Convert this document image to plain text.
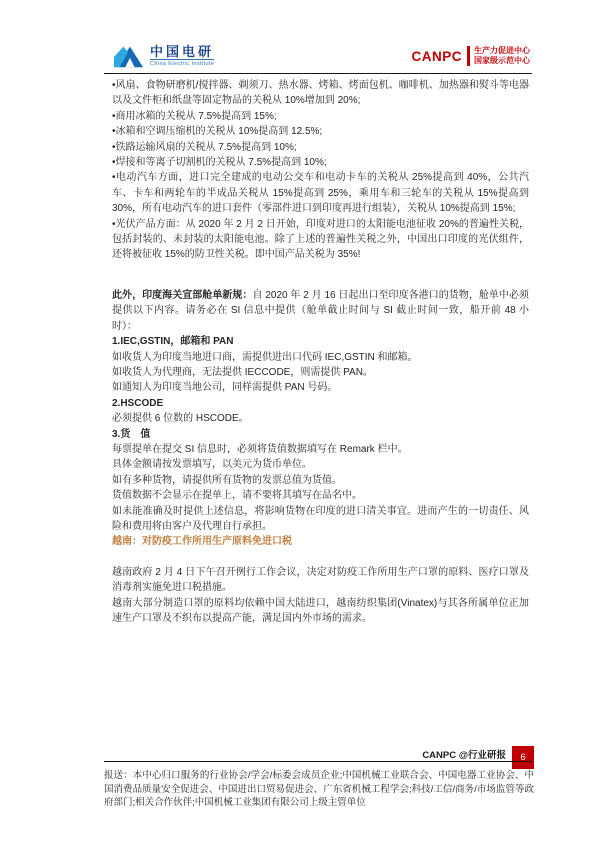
中国电研
China Electric Institute
CANPC 生产力促进中心
国家级示范中心

•风扇、食物研磨机/搅拌器、剃须刀、热水器、烤箱、烤面包机、咖啡机、加热器和熨斗等电器以及文件柜和纸盘等固定物品的关税从 10%增加到 20%;

•商用冰箱的关税从 7.5%提高到 15%;

•冰箱和空调压缩机的关税从 10%提高到 12.5%;

•铁路运输风扇的关税从 7.5%提高到 10%;

•焊接和等离子切割机的关税从 7.5%提高到 10%;

•电动汽车方面，进口完全建成的电动公交车和电动卡车的关税从 25%提高到 40%，公共汽车、卡车和两轮车的半成品关税从 15%提高到 25%，乘用车和三轮车的关税从 15%提高到 30%，所有电动汽车的进口套件（零部件进口到印度再进行组装），关税从 10%提高到 15%;

•光伏产品方面：从 2020 年 2 月 2 日开始，印度对进口的太阳能电池征收 20%的普遍性关税，包括封装的、未封装的太阳能电池。除了上述的普遍性关税之外，中国出口印度的光伏组件，还将被征收 15%的防卫性关税。即中国产品关税为 35%!

此外，印度海关宣部舱单新规：自 2020 年 2 月 16 日起出口至印度各港口的货物，舱单中必须提供以下内容。请务必在 SI 信息中提供（舱单截止时间与 SI 截止时间一致，船开前 48 小时）：

1.IEC,GSTIN，邮箱和 PAN

如收货人为印度当地进口商，需提供进出口代码 IEC,GSTIN 和邮箱。

如收货人为代理商，无法提供 IECCODE，则需提供 PAN。

如通知人为印度当地公司，同样需提供 PAN 号码。

2.HSCODE

必须提供 6 位数的 HSCODE。

3.货　值

每票提单在提交 SI 信息时，必须将货值数据填写在 Remark 栏中。

具体金额请按发票填写，以美元为货币单位。

如有多种货物，请提供所有货物的发票总值为货值。

货值数据不会显示在提单上，请不要将其填写在品名中。

如未能准确及时提供上述信息，将影响货物在印度的进口清关事宜。进而产生的一切责任、风险和费用将由客户及代理自行承担。

越南：对防疫工作所用生产原料免进口税

越南政府 2 月 4 日下午召开例行工作会议，决定对防疫工作所用生产口罩的原料、医疗口罩及消毒剂实施免进口税措施。

越南大部分制造口罩的原料均依赖中国大陆进口，越南纺织集团(Vinatex)与其各所属单位正加速生产口罩及不织布以提高产能，满足国内外市场的需求。

CANPC @行业研报	6
报送：本中心归口服务的行业协会/学会/标委会成员企业;中国机械工业联合会、中国电器工业协会、中国消费品质量安全促进会、中国进出口贸易促进会、广东省机械工程学会;科技/工信/商务/市场监管等政府部门;相关合作伙伴;中国机械工业集团有限公司上级主管单位
